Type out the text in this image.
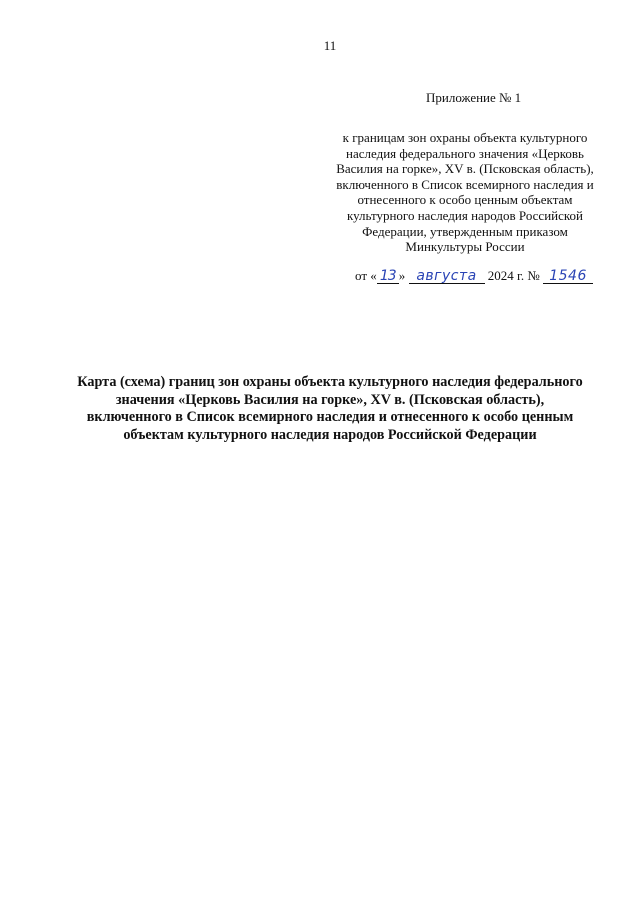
11
Приложение № 1
к границам зон охраны объекта культурного
наследия федерального значения «Церковь
Василия на горке», XV в. (Псковская область),
включенного в Список всемирного наследия и
отнесенного к особо ценным объектам
культурного наследия народов Российской
Федерации, утвержденным приказом
Минкультуры России
от « 13 » августа 2024 г. № 1546
Карта (схема) границ зон охраны объекта культурного наследия федерального
значения «Церковь Василия на горке», XV в. (Псковская область),
включенного в Список всемирного наследия и отнесенного к особо ценным
объектам культурного наследия народов Российской Федерации
